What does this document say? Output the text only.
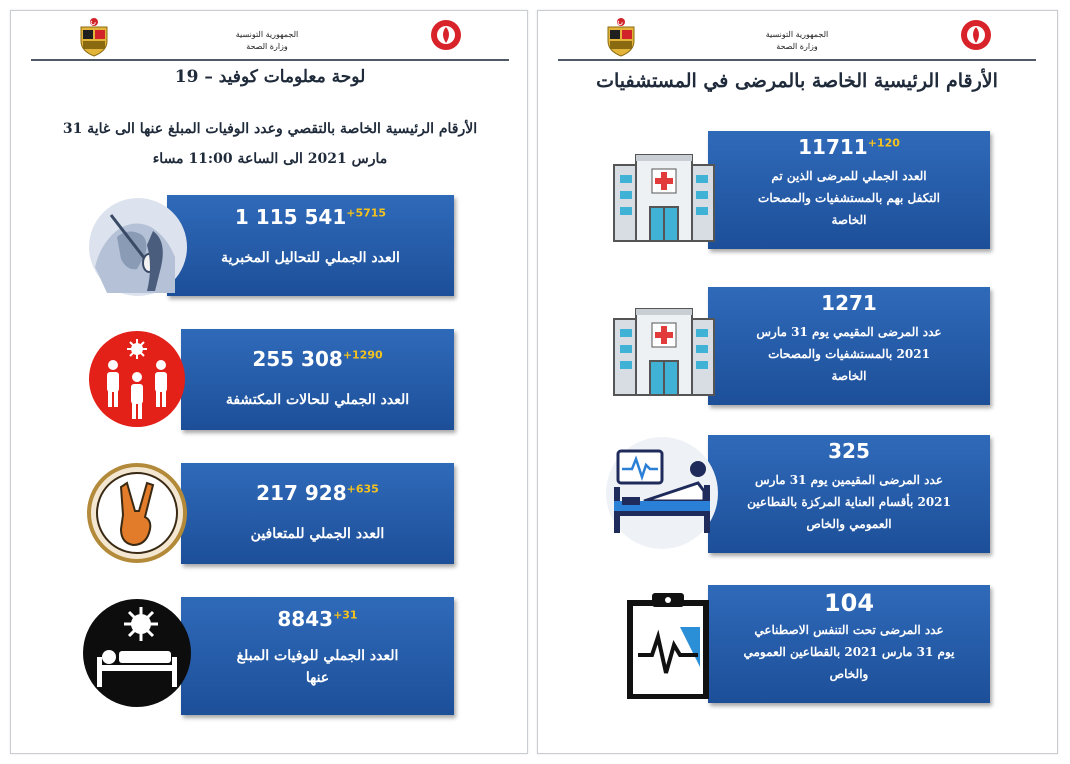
الجمهورية التونسية
وزارة الصحة
لوحة معلومات كوفيد – 19
الأرقام الرئيسية الخاصة بالتقصي وعدد الوفيات المبلغ عنها الى غاية 31
مارس 2021 الى الساعة 11:00 مساء
1 115 $541^{+5715}$
العدد الجملي للتحاليل المخبرية
255 $308^{+1290}$
العدد الجملي للحالات المكتشفة
217 $928^{+635}$
العدد الجملي للمتعافين
$8843^{+31}$
العدد الجملي للوفيات المبلغ
عنها
الجمهورية التونسية
وزارة الصحة
الأرقام الرئيسية الخاصة بالمرضى في المستشفيات
$11711^{+120}$
العدد الجملي للمرضى الذين تم
التكفل بهم بالمستشفيات والمصحات
الخاصة
1271
عدد المرضى المقيمي يوم 31 مارس
2021 بالمستشفيات والمصحات
الخاصة
325
عدد المرضى المقيمين يوم 31 مارس
2021 بأقسام العناية المركزة بالقطاعين
العمومي والخاص
104
عدد المرضى تحت التنفس الاصطناعي
يوم 31 مارس 2021 بالقطاعين العمومي
والخاص
